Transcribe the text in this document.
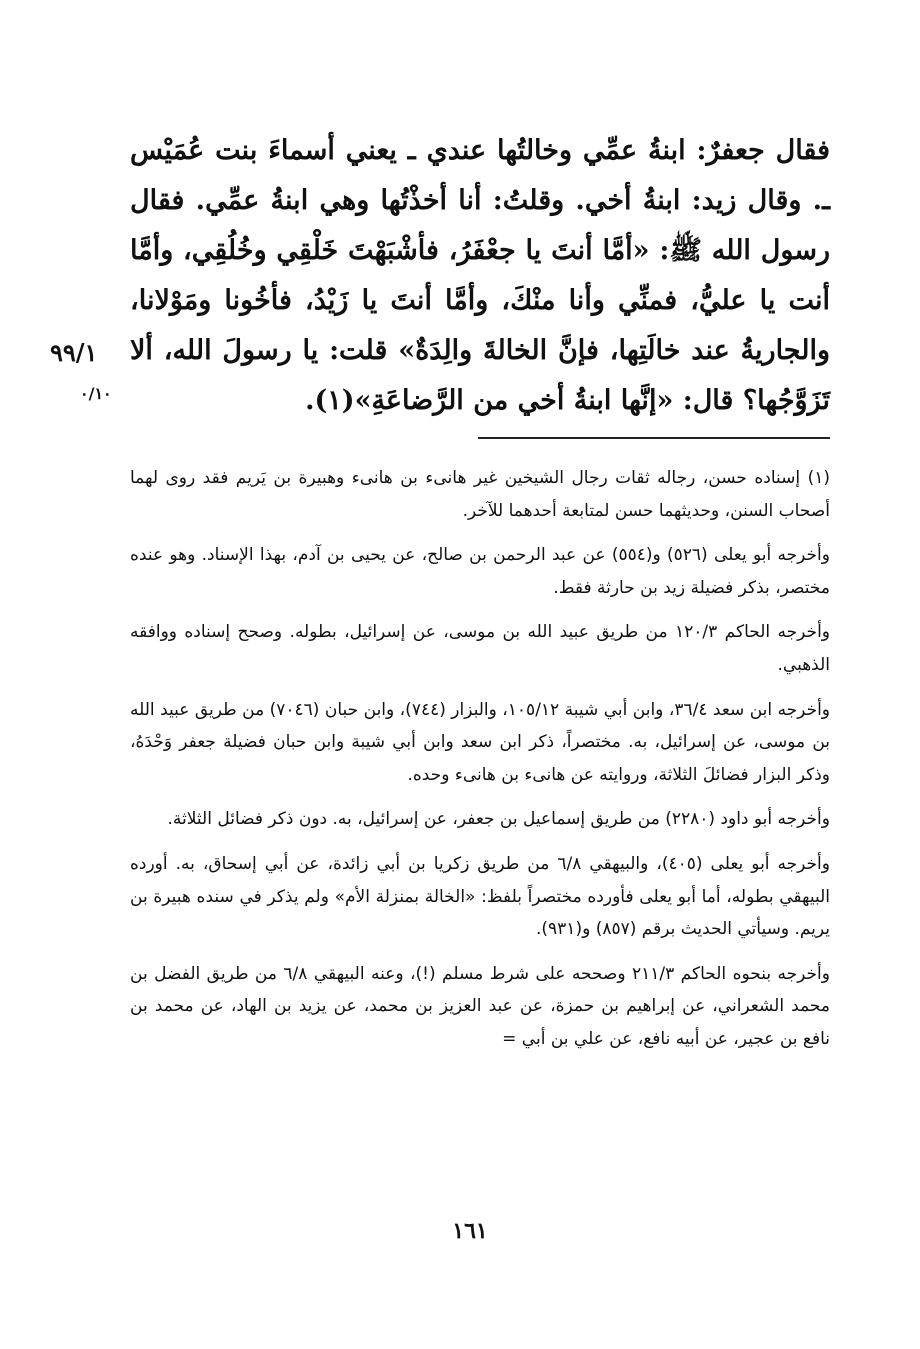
فقال جعفرٌ: ابنةُ عمِّي وخالتُها عندي ـ يعني أسماءَ بنت عُمَيْس ـ. وقال زيد: ابنةُ أخي. وقلتُ: أنا أخذْتُها وهي ابنةُ عمِّي. فقال رسول الله ﷺ: «أمَّا أنتَ يا جعْفَرُ، فأشْبَهْتَ خَلْقِي وخُلُقِي، وأمَّا أنت يا عليُّ، فمنِّي وأنا منْكَ، وأمَّا أنتَ يا زَيْدُ، فأخُونا ومَوْلانا، والجاريةُ عند خالَتِها، فإنَّ الخالةَ والِدَةٌ» قلت: يا رسولَ الله، ألا تَزَوَّجُها؟ قال: «إنَّها ابنةُ أخي من الرَّضاعَةِ»(١).

٩٩/١
٠/١٠

(١) إسناده حسن، رجاله ثقات رجال الشيخين غير هانىء بن هانىء وهبيرة بن يَريم فقد روى لهما أصحاب السنن، وحديثهما حسن لمتابعة أحدهما للآخر.

وأخرجه أبو يعلى (٥٢٦) و(٥٥٤) عن عبد الرحمن بن صالح، عن يحيى بن آدم، بهذا الإسناد. وهو عنده مختصر، بذكر فضيلة زيد بن حارثة فقط.

وأخرجه الحاكم ١٢٠/٣ من طريق عبيد الله بن موسى، عن إسرائيل، بطوله. وصحح إسناده ووافقه الذهبي.

وأخرجه ابن سعد ٣٦/٤، وابن أبي شيبة ١٠٥/١٢، والبزار (٧٤٤)، وابن حبان (٧٠٤٦) من طريق عبيد الله بن موسى، عن إسرائيل، به. مختصراً، ذكر ابن سعد وابن أبي شيبة وابن حبان فضيلة جعفر وَحْدَهُ، وذكر البزار فضائلَ الثلاثة، وروايته عن هانىء بن هانىء وحده.

وأخرجه أبو داود (٢٢٨٠) من طريق إسماعيل بن جعفر، عن إسرائيل، به. دون ذكر فضائل الثلاثة.

وأخرجه أبو يعلى (٤٠٥)، والبيهقي ٦/٨ من طريق زكريا بن أبي زائدة، عن أبي إسحاق، به. أورده البيهقي بطوله، أما أبو يعلى فأورده مختصراً بلفظ: «الخالة بمنزلة الأم» ولم يذكر في سنده هبيرة بن يريم. وسيأتي الحديث برقم (٨٥٧) و(٩٣١).

وأخرجه بنحوه الحاكم ٢١١/٣ وصححه على شرط مسلم (!)، وعنه البيهقي ٦/٨ من طريق الفضل بن محمد الشعراني، عن إبراهيم بن حمزة، عن عبد العزيز بن محمد، عن يزيد بن الهاد، عن محمد بن نافع بن عجير، عن أبيه نافع، عن علي بن أبي =

١٦١
